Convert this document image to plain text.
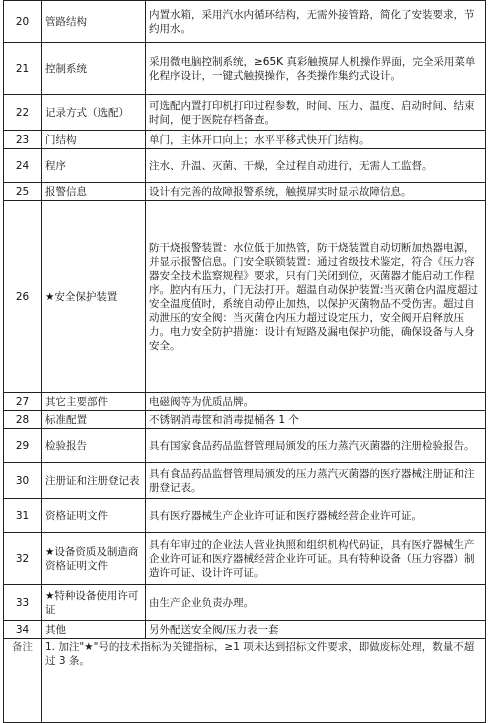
20	管路结构	内置水箱，采用汽水内循环结构，无需外接管路，简化了安装要求，节约用水。
21	控制系统	采用微电脑控制系统，≥65K 真彩触摸屏人机操作界面，完全采用菜单化程序设计，一键式触摸操作，各类操作集约式设计。
22	记录方式（选配）	可选配内置打印机打印过程参数，时间、压力、温度、启动时间、结束时间，便于医院存档备查。
23	门结构	单门，主体开口向上；水平平移式快开门结构。
24	程序	注水、升温、灭菌、干燥，全过程自动进行，无需人工监督。
25	报警信息	设计有完善的故障报警系统，触摸屏实时显示故障信息。
26	★安全保护装置	防干烧报警装置：水位低于加热管，防干烧装置自动切断加热器电源，并显示报警信息。门安全联锁装置：通过省级技术鉴定，符合《压力容器安全技术监察规程》要求，只有门关闭到位，灭菌器才能启动工作程序。腔内有压力，门无法打开。超温自动保护装置:当灭菌仓内温度超过安全温度值时，系统自动停止加热，以保护灭菌物品不受伤害。超过自动泄压的安全阀：当灭菌仓内压力超过设定压力，安全阀开启释放压力。电力安全防护措施：设计有短路及漏电保护功能，确保设备与人身安全。
27	其它主要部件	电磁阀等为优质品牌。
28	标准配置	不锈钢消毒筐和消毒提桶各 1 个
29	检验报告	具有国家食品药品监督管理局颁发的压力蒸汽灭菌器的注册检验报告。
30	注册证和注册登记表	具有食品药品监督管理局颁发的压力蒸汽灭菌器的医疗器械注册证和注册登记表。
31	资格证明文件	具有医疗器械生产企业许可证和医疗器械经营企业许可证。
32	★设备资质及制造商资格证明文件	具有年审过的企业法人营业执照和组织机构代码证，具有医疗器械生产企业许可证和医疗器械经营企业许可证。具有特种设备（压力容器）制造许可证、设计许可证。
33	★特种设备使用许可证	由生产企业负责办理。
34	其他	另外配送安全阀/压力表一套
备注	1. 加注"★"号的技术指标为关键指标，≥1 项未达到招标文件要求，即做废标处理，数量不超过 3 条。	
